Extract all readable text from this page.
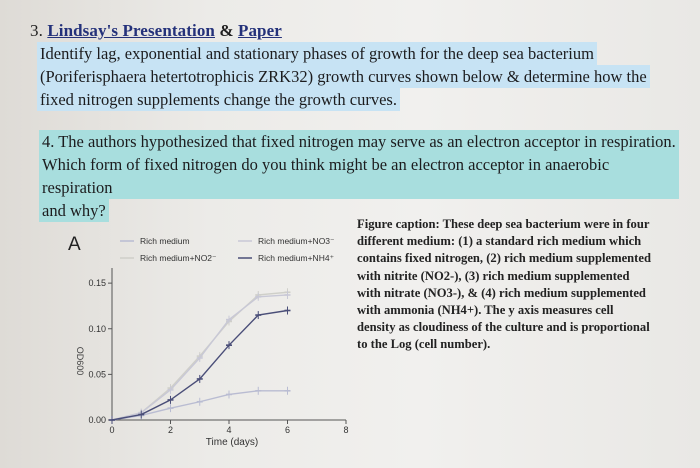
3. Lindsay's Presentation & Paper
Identify lag, exponential and stationary phases of growth for the deep sea bacterium
(Poriferisphaera hetertotrophicis ZRK32) growth curves shown below & determine how the
fixed nitrogen supplements change the growth curves.
4. The authors hypothesized that fixed nitrogen may serve as an electron acceptor in respiration.
Which form of fixed nitrogen do you think might be an electron acceptor in anaerobic respiration
and why?
A	Rich medium
Rich medium+NO2⁻
Rich medium+NO3⁻
Rich medium+NH4⁺
0.00
0.05
0.10
0.15
0	2	4	6	8
Time (days)
OD600
Figure caption: These deep sea bacterium were in four
different medium: (1) a standard rich medium which
contains fixed nitrogen, (2) rich medium supplemented
with nitrite (NO2-), (3) rich medium supplemented
with nitrate (NO3-), & (4) rich medium supplemented
with ammonia (NH4+). The y axis measures cell
density as cloudiness of the culture and is proportional
to the Log (cell number).
